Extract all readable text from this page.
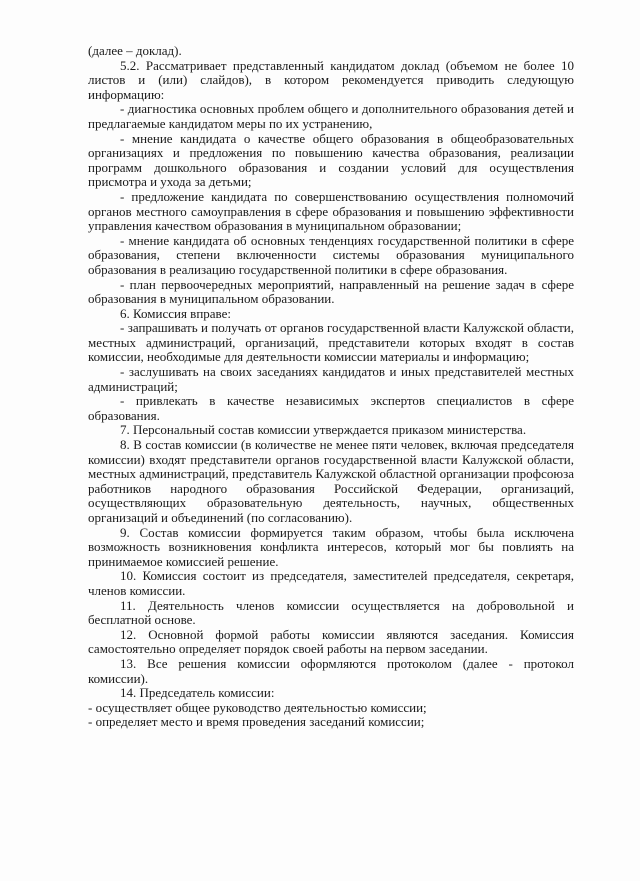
(далее – доклад).

5.2. Рассматривает представленный кандидатом доклад (объемом не более 10 листов и (или) слайдов), в котором рекомендуется приводить следующую информацию:

- диагностика основных проблем общего и дополнительного образования детей и предлагаемые кандидатом меры по их устранению,

- мнение кандидата о качестве общего образования в общеобразовательных организациях и предложения по повышению качества образования, реализации программ дошкольного образования и создании условий для осуществления присмотра и ухода за детьми;

- предложение кандидата по совершенствованию осуществления полномочий органов местного самоуправления в сфере образования и повышению эффективности управления качеством образования в муниципальном образовании;

- мнение кандидата об основных тенденциях государственной политики в сфере образования, степени включенности системы образования муниципального образования в реализацию государственной политики в сфере образования.

- план первоочередных мероприятий, направленный на решение задач в сфере образования в муниципальном образовании.

6. Комиссия вправе:

- запрашивать и получать от органов государственной власти Калужской области, местных администраций, организаций, представители которых входят в состав комиссии, необходимые для деятельности комиссии материалы и информацию;

- заслушивать на своих заседаниях кандидатов и иных представителей местных администраций;

- привлекать в качестве независимых экспертов специалистов в сфере образования.

7. Персональный состав комиссии утверждается приказом министерства.

8. В состав комиссии (в количестве не менее пяти человек, включая председателя комиссии) входят представители органов государственной власти Калужской области, местных администраций, представитель Калужской областной организации профсоюза работников народного образования Российской Федерации, организаций, осуществляющих образовательную деятельность, научных, общественных организаций и объединений (по согласованию).

9. Состав комиссии формируется таким образом, чтобы была исключена возможность возникновения конфликта интересов, который мог бы повлиять на принимаемое комиссией решение.

10. Комиссия состоит из председателя, заместителей председателя, секретаря, членов комиссии.

11. Деятельность членов комиссии осуществляется на добровольной и бесплатной основе.

12. Основной формой работы комиссии являются заседания. Комиссия самостоятельно определяет порядок своей работы на первом заседании.

13. Все решения комиссии оформляются протоколом (далее - протокол комиссии).

14. Председатель комиссии:

- осуществляет общее руководство деятельностью комиссии;

- определяет место и время проведения заседаний комиссии;
